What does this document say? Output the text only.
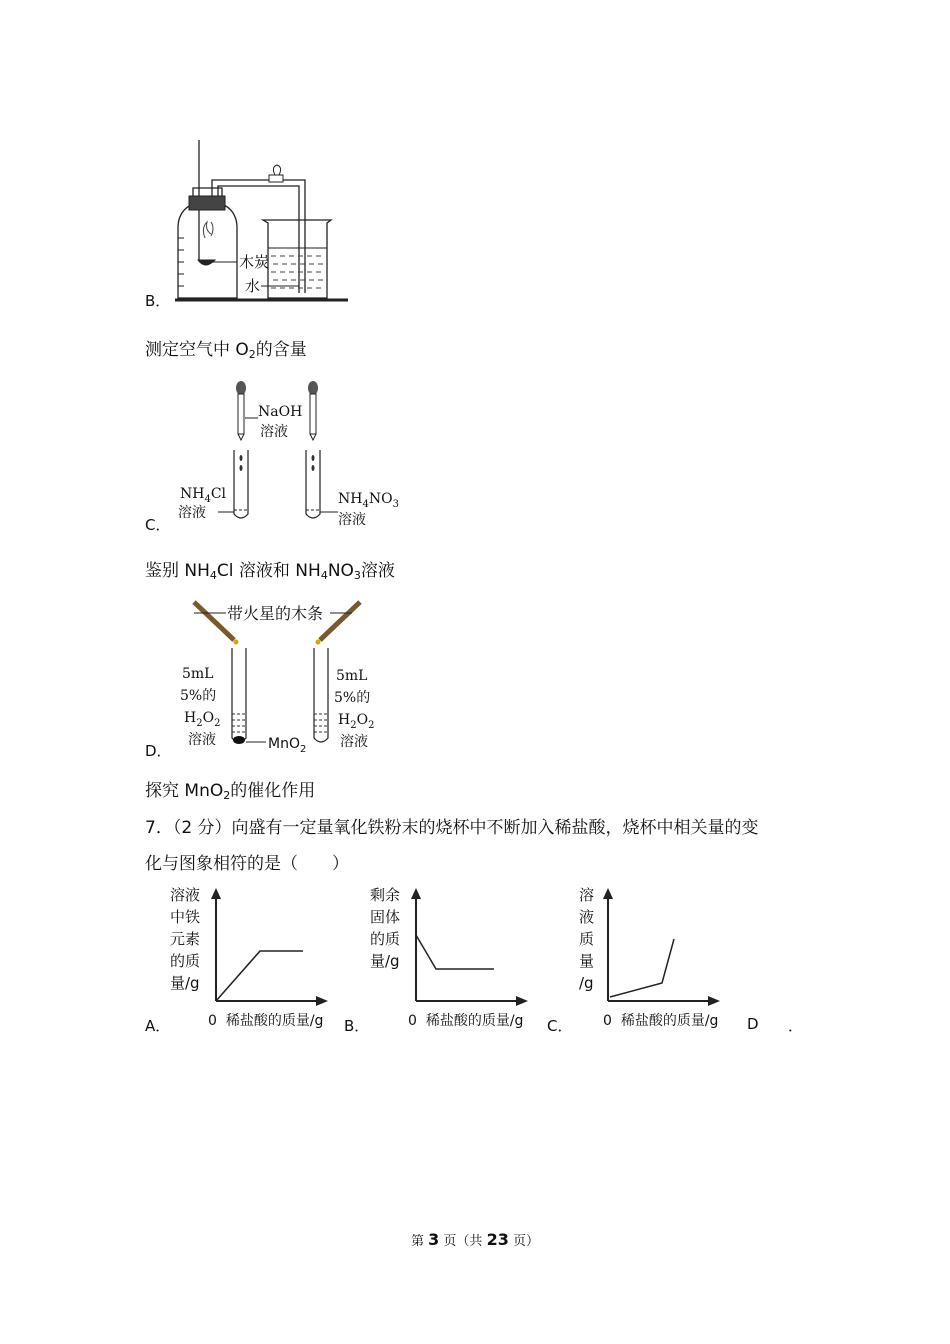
木炭
水
B．
测定空气中 $O_2$的含量
NaOH
溶液
$NH_4Cl$
溶液
$NH_4NO_3$
溶液
C．
鉴别 $NH_4Cl$ 溶液和 $NH_4NO_3$溶液
带火星的木条
MnO$_2$
5mL
5%的
$H_2O_2$
溶液
5mL
5%的
$H_2O_2$
溶液
D．
探究 MnO$_2$的催化作用
7．（2 分）向盛有一定量氧化铁粉末的烧杯中不断加入稀盐酸，烧杯中相关量的变
化与图象相符的是（　　）
A．
溶液
中铁
元素
的质
量/g
0 稀盐酸的质量/g B．
剩余
固体
的质
量/g
0 稀盐酸的质量/g C．
溶
液
质
量
/g
0 稀盐酸的质量/g D ．
第 3 页（共 23 页）
